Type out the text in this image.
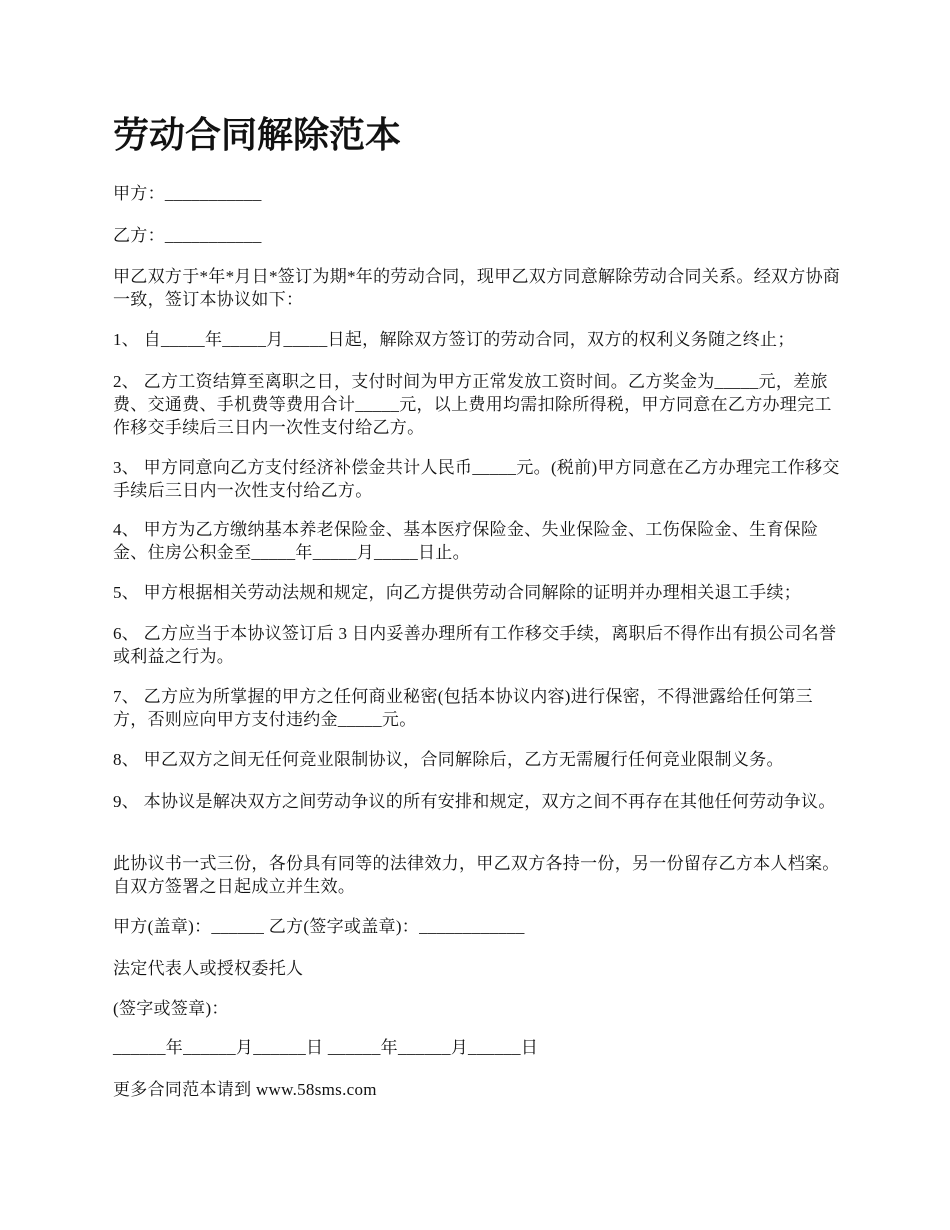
劳动合同解除范本

甲方：___________

乙方：___________

甲乙双方于*年*月日*签订为期*年的劳动合同，现甲乙双方同意解除劳动合同关系。经双方协商一致，签订本协议如下：

1、 自_____年_____月_____日起，解除双方签订的劳动合同，双方的权利义务随之终止；

2、 乙方工资结算至离职之日，支付时间为甲方正常发放工资时间。乙方奖金为_____元，差旅费、交通费、手机费等费用合计_____元，以上费用均需扣除所得税，甲方同意在乙方办理完工作移交手续后三日内一次性支付给乙方。

3、 甲方同意向乙方支付经济补偿金共计人民币_____元。(税前)甲方同意在乙方办理完工作移交手续后三日内一次性支付给乙方。

4、 甲方为乙方缴纳基本养老保险金、基本医疗保险金、失业保险金、工伤保险金、生育保险金、住房公积金至_____年_____月_____日止。

5、 甲方根据相关劳动法规和规定，向乙方提供劳动合同解除的证明并办理相关退工手续；

6、 乙方应当于本协议签订后 3 日内妥善办理所有工作移交手续，离职后不得作出有损公司名誉或利益之行为。

7、 乙方应为所掌握的甲方之任何商业秘密(包括本协议内容)进行保密，不得泄露给任何第三方，否则应向甲方支付违约金_____元。

8、 甲乙双方之间无任何竞业限制协议，合同解除后，乙方无需履行任何竞业限制义务。

9、 本协议是解决双方之间劳动争议的所有安排和规定，双方之间不再存在其他任何劳动争议。

此协议书一式三份，各份具有同等的法律效力，甲乙双方各持一份，另一份留存乙方本人档案。自双方签署之日起成立并生效。

甲方(盖章)：______ 乙方(签字或盖章)：____________

法定代表人或授权委托人

(签字或签章)：

______年______月______日 ______年______月______日

更多合同范本请到 www.58sms.com
